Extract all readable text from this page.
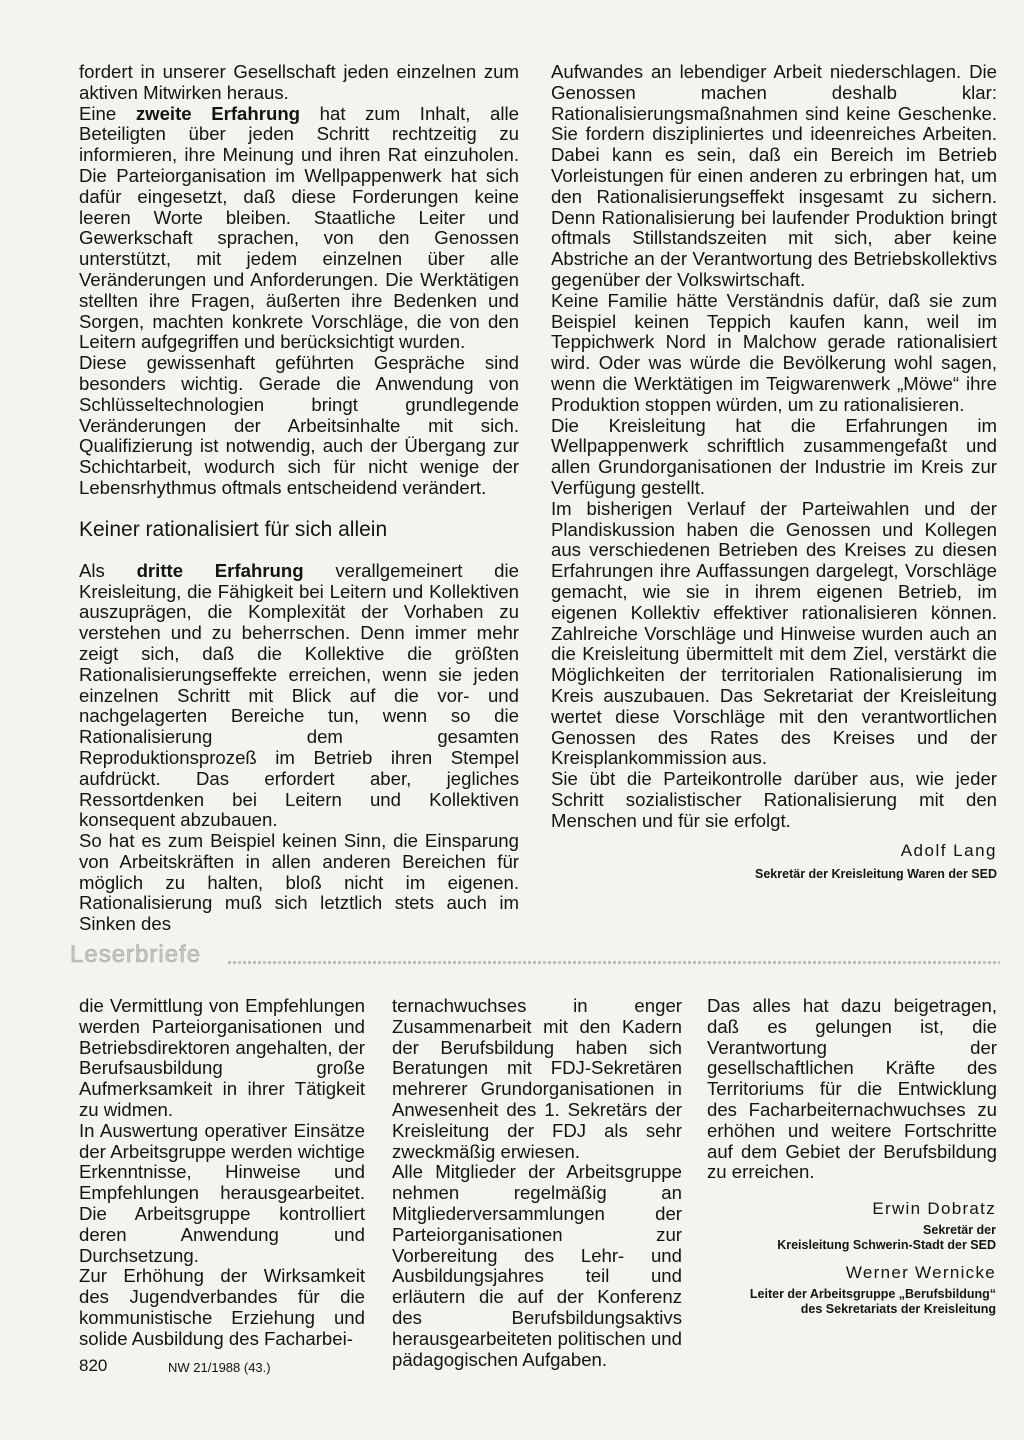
fordert in unserer Gesellschaft jeden einzelnen zum aktiven Mitwirken heraus.

Eine zweite Erfahrung hat zum Inhalt, alle Beteiligten über jeden Schritt rechtzeitig zu informieren, ihre Meinung und ihren Rat einzuholen. Die Parteiorganisation im Wellpappenwerk hat sich dafür eingesetzt, daß diese Forderungen keine leeren Worte bleiben. Staatliche Leiter und Gewerkschaft sprachen, von den Genossen unterstützt, mit jedem einzelnen über alle Veränderungen und Anforderungen. Die Werktätigen stellten ihre Fragen, äußerten ihre Bedenken und Sorgen, machten konkrete Vorschläge, die von den Leitern aufgegriffen und berücksichtigt wurden.

Diese gewissenhaft geführten Gespräche sind besonders wichtig. Gerade die Anwendung von Schlüsseltechnologien bringt grundlegende Veränderungen der Arbeitsinhalte mit sich. Qualifizierung ist notwendig, auch der Übergang zur Schichtarbeit, wodurch sich für nicht wenige der Lebensrhythmus oftmals entscheidend verändert.

Keiner rationalisiert für sich allein

Als dritte Erfahrung verallgemeinert die Kreisleitung, die Fähigkeit bei Leitern und Kollektiven auszuprägen, die Komplexität der Vorhaben zu verstehen und zu beherrschen. Denn immer mehr zeigt sich, daß die Kollektive die größten Rationalisierungseffekte erreichen, wenn sie jeden einzelnen Schritt mit Blick auf die vor- und nachgelagerten Bereiche tun, wenn so die Rationalisierung dem gesamten Reproduktionsprozeß im Betrieb ihren Stempel aufdrückt. Das erfordert aber, jegliches Ressortdenken bei Leitern und Kollektiven konsequent abzubauen.

So hat es zum Beispiel keinen Sinn, die Einsparung von Arbeitskräften in allen anderen Bereichen für möglich zu halten, bloß nicht im eigenen. Rationalisierung muß sich letztlich stets auch im Sinken des

Aufwandes an lebendiger Arbeit niederschlagen. Die Genossen machen deshalb klar: Rationalisierungsmaßnahmen sind keine Geschenke. Sie fordern diszipliniertes und ideenreiches Arbeiten. Dabei kann es sein, daß ein Bereich im Betrieb Vorleistungen für einen anderen zu erbringen hat, um den Rationalisierungseffekt insgesamt zu sichern. Denn Rationalisierung bei laufender Produktion bringt oftmals Stillstandszeiten mit sich, aber keine Abstriche an der Verantwortung des Betriebskollektivs gegenüber der Volkswirtschaft.

Keine Familie hätte Verständnis dafür, daß sie zum Beispiel keinen Teppich kaufen kann, weil im Teppichwerk Nord in Malchow gerade rationalisiert wird. Oder was würde die Bevölkerung wohl sagen, wenn die Werktätigen im Teigwarenwerk „Möwe“ ihre Produktion stoppen würden, um zu rationalisieren.

Die Kreisleitung hat die Erfahrungen im Wellpappenwerk schriftlich zusammengefaßt und allen Grundorganisationen der Industrie im Kreis zur Verfügung gestellt.

Im bisherigen Verlauf der Parteiwahlen und der Plandiskussion haben die Genossen und Kollegen aus verschiedenen Betrieben des Kreises zu diesen Erfahrungen ihre Auffassungen dargelegt, Vorschläge gemacht, wie sie in ihrem eigenen Betrieb, im eigenen Kollektiv effektiver rationalisieren können. Zahlreiche Vorschläge und Hinweise wurden auch an die Kreisleitung übermittelt mit dem Ziel, verstärkt die Möglichkeiten der territorialen Rationalisierung im Kreis auszubauen. Das Sekretariat der Kreisleitung wertet diese Vorschläge mit den verantwortlichen Genossen des Rates des Kreises und der Kreisplankommission aus.

Sie übt die Parteikontrolle darüber aus, wie jeder Schritt sozialistischer Rationalisierung mit den Menschen und für sie erfolgt.

Adolf Lang
Sekretär der Kreisleitung Waren der SED
Leserbriefe

die Vermittlung von Empfehlungen werden Parteiorganisationen und Betriebsdirektoren angehalten, der Berufsausbildung große Aufmerksamkeit in ihrer Tätigkeit zu widmen.

In Auswertung operativer Einsätze der Arbeitsgruppe werden wichtige Erkenntnisse, Hinweise und Empfehlungen herausgearbeitet. Die Arbeitsgruppe kontrolliert deren Anwendung und Durchsetzung.

Zur Erhöhung der Wirksamkeit des Jugendverbandes für die kommunistische Erziehung und solide Ausbildung des Facharbei-

ternachwuchses in enger Zusammenarbeit mit den Kadern der Berufsbildung haben sich Beratungen mit FDJ-Sekretären mehrerer Grundorganisationen in Anwesenheit des 1. Sekretärs der Kreisleitung der FDJ als sehr zweckmäßig erwiesen.

Alle Mitglieder der Arbeitsgruppe nehmen regelmäßig an Mitgliederversammlungen der Parteiorganisationen zur Vorbereitung des Lehr- und Ausbildungsjahres teil und erläutern die auf der Konferenz des Berufsbildungsaktivs herausgearbeiteten politischen und pädagogischen Aufgaben.

Das alles hat dazu beigetragen, daß es gelungen ist, die Verantwortung der gesellschaftlichen Kräfte des Territoriums für die Entwicklung des Facharbeiternachwuchses zu erhöhen und weitere Fortschritte auf dem Gebiet der Berufsbildung zu erreichen.

Erwin Dobratz
Sekretär der
Kreisleitung Schwerin-Stadt der SED
Werner Wernicke
Leiter der Arbeitsgruppe „Berufsbildung“
des Sekretariats der Kreisleitung
820	NW 21/1988 (43.)
